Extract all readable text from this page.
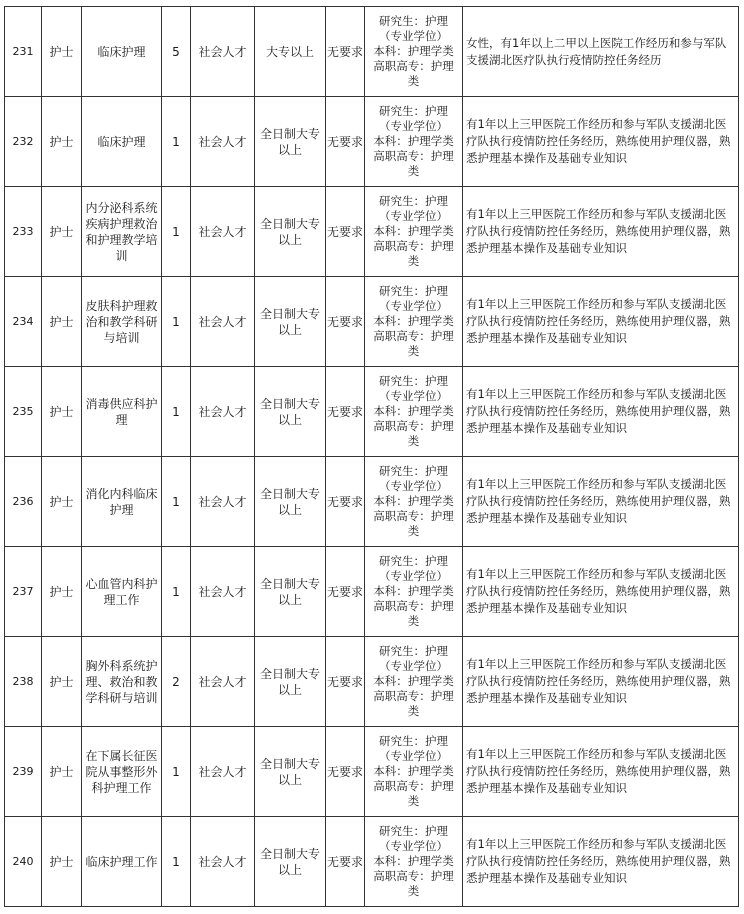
231	护士	临床护理	5	社会人才	大专以上	无要求	研究生：护理
（专业学位）
本科：护理学类
高职高专：护理
类	女性，有1年以上二甲以上医院工作经历和参与军队支援湖北医疗队执行疫情防控任务经历
232	护士	临床护理	1	社会人才	全日制大专以上	无要求	研究生：护理
（专业学位）
本科：护理学类
高职高专：护理
类	有1年以上三甲医院工作经历和参与军队支援湖北医疗队执行疫情防控任务经历，熟练使用护理仪器，熟悉护理基本操作及基础专业知识
233	护士	内分泌科系统疾病护理救治和护理教学培训	1	社会人才	全日制大专以上	无要求	研究生：护理
（专业学位）
本科：护理学类
高职高专：护理
类	有1年以上三甲医院工作经历和参与军队支援湖北医疗队执行疫情防控任务经历，熟练使用护理仪器，熟悉护理基本操作及基础专业知识
234	护士	皮肤科护理救治和教学科研与培训	1	社会人才	全日制大专以上	无要求	研究生：护理
（专业学位）
本科：护理学类
高职高专：护理
类	有1年以上三甲医院工作经历和参与军队支援湖北医疗队执行疫情防控任务经历，熟练使用护理仪器，熟悉护理基本操作及基础专业知识
235	护士	消毒供应科护理	1	社会人才	全日制大专以上	无要求	研究生：护理
（专业学位）
本科：护理学类
高职高专：护理
类	有1年以上三甲医院工作经历和参与军队支援湖北医疗队执行疫情防控任务经历，熟练使用护理仪器，熟悉护理基本操作及基础专业知识
236	护士	消化内科临床护理	1	社会人才	全日制大专以上	无要求	研究生：护理
（专业学位）
本科：护理学类
高职高专：护理
类	有1年以上三甲医院工作经历和参与军队支援湖北医疗队执行疫情防控任务经历，熟练使用护理仪器，熟悉护理基本操作及基础专业知识
237	护士	心血管内科护理工作	1	社会人才	全日制大专以上	无要求	研究生：护理
（专业学位）
本科：护理学类
高职高专：护理
类	有1年以上三甲医院工作经历和参与军队支援湖北医疗队执行疫情防控任务经历，熟练使用护理仪器，熟悉护理基本操作及基础专业知识
238	护士	胸外科系统护理、救治和教学科研与培训	2	社会人才	全日制大专以上	无要求	研究生：护理
（专业学位）
本科：护理学类
高职高专：护理
类	有1年以上三甲医院工作经历和参与军队支援湖北医疗队执行疫情防控任务经历，熟练使用护理仪器，熟悉护理基本操作及基础专业知识
239	护士	在下属长征医院从事整形外科护理工作	1	社会人才	全日制大专以上	无要求	研究生：护理
（专业学位）
本科：护理学类
高职高专：护理
类	有1年以上三甲医院工作经历和参与军队支援湖北医疗队执行疫情防控任务经历，熟练使用护理仪器，熟悉护理基本操作及基础专业知识
240	护士	临床护理工作	1	社会人才	全日制大专以上	无要求	研究生：护理
（专业学位）
本科：护理学类
高职高专：护理
类	有1年以上三甲医院工作经历和参与军队支援湖北医疗队执行疫情防控任务经历，熟练使用护理仪器，熟悉护理基本操作及基础专业知识
